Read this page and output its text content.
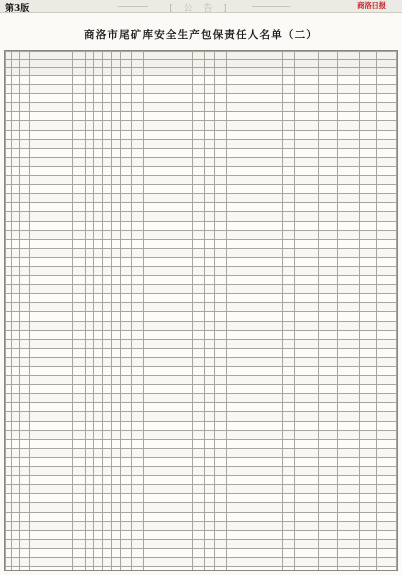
第3版	[ 公 告 ]	商洛日报
商洛市尾矿库安全生产包保责任人名单（二）
